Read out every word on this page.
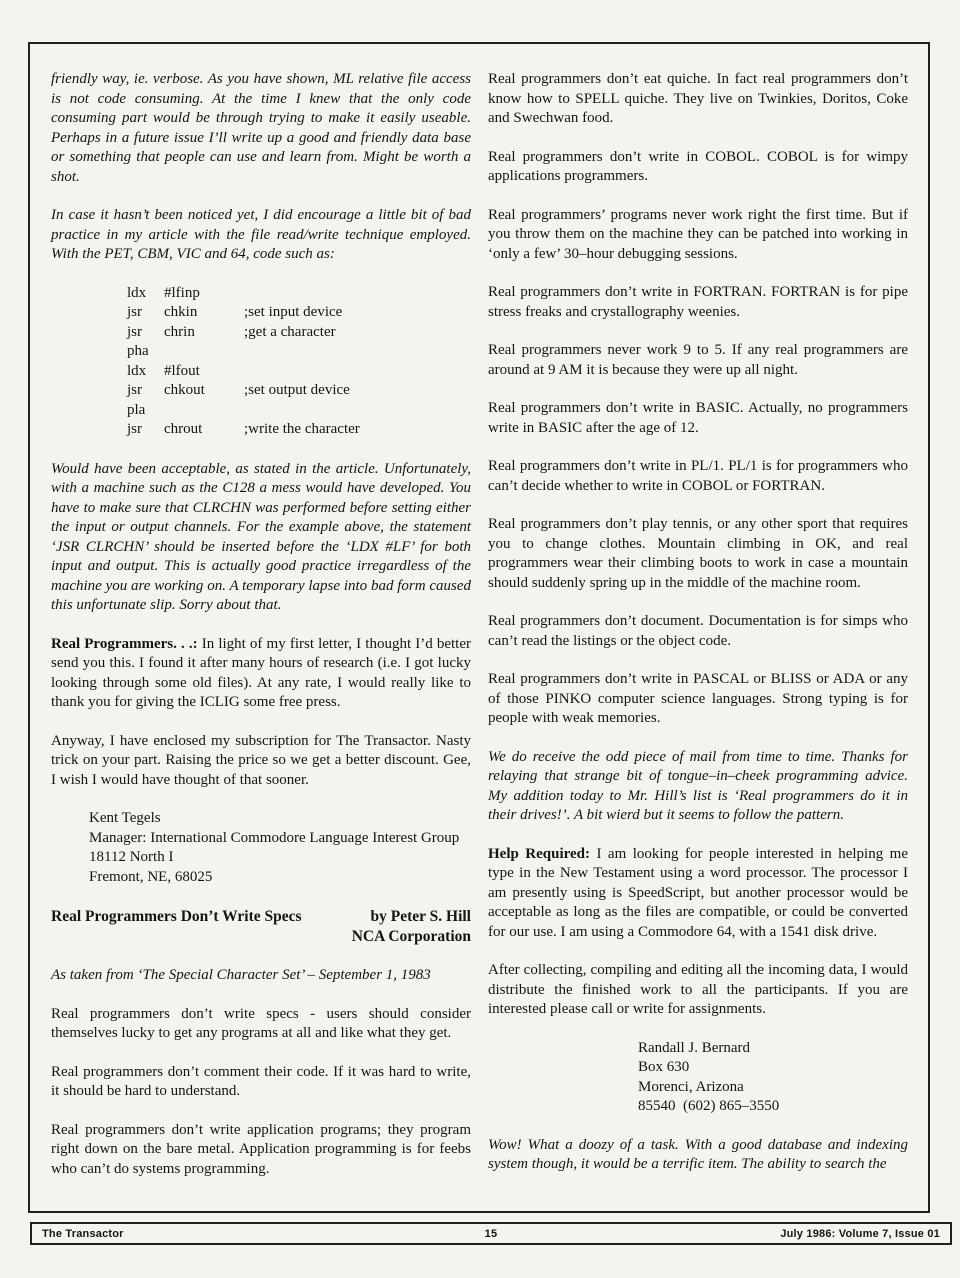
friendly way, ie. verbose. As you have shown, ML relative file access is not code consuming. At the time I knew that the only code consuming part would be through trying to make it easily useable. Perhaps in a future issue I’ll write up a good and friendly data base or something that people can use and learn from. Might be worth a shot.

In case it hasn’t been noticed yet, I did encourage a little bit of bad practice in my article with the file read/write technique employed. With the PET, CBM, VIC and 64, code such as:

ldx #lfinp
jsr chkin	;set input device
jsr chrin	;get a character
pha
ldx #lfout
jsr chkout	;set output device
pla
jsr chrout	;write the character

Would have been acceptable, as stated in the article. Unfortunately, with a machine such as the C128 a mess would have developed. You have to make sure that CLRCHN was performed before setting either the input or output channels. For the example above, the statement ‘JSR CLRCHN’ should be inserted before the ‘LDX #LF’ for both input and output. This is actually good practice irregardless of the machine you are working on. A temporary lapse into bad form caused this unfortunate slip. Sorry about that.

Real Programmers. . .: In light of my first letter, I thought I’d better send you this. I found it after many hours of research (i.e. I got lucky looking through some old files). At any rate, I would really like to thank you for giving the ICLIG some free press.

Anyway, I have enclosed my subscription for The Transactor. Nasty trick on your part. Raising the price so we get a better discount. Gee, I wish I would have thought of that sooner.

Kent Tegels
Manager: International Commodore Language Interest Group
18112 North I
Fremont, NE, 68025
Real Programmers Don’t Write Specs	by Peter S. Hill
NCA Corporation

As taken from ‘The Special Character Set’ – September 1, 1983

Real programmers don’t write specs - users should consider themselves lucky to get any programs at all and like what they get.

Real programmers don’t comment their code. If it was hard to write, it should be hard to understand.

Real programmers don’t write application programs; they program right down on the bare metal. Application programming is for feebs who can’t do systems programming.

Real programmers don’t eat quiche. In fact real programmers don’t know how to SPELL quiche. They live on Twinkies, Doritos, Coke and Swechwan food.

Real programmers don’t write in COBOL. COBOL is for wimpy applications programmers.

Real programmers’ programs never work right the first time. But if you throw them on the machine they can be patched into working in ‘only a few’ 30–hour debugging sessions.

Real programmers don’t write in FORTRAN. FORTRAN is for pipe stress freaks and crystallography weenies.

Real programmers never work 9 to 5. If any real programmers are around at 9 AM it is because they were up all night.

Real programmers don’t write in BASIC. Actually, no programmers write in BASIC after the age of 12.

Real programmers don’t write in PL/1. PL/1 is for programmers who can’t decide whether to write in COBOL or FORTRAN.

Real programmers don’t play tennis, or any other sport that requires you to change clothes. Mountain climbing in OK, and real programmers wear their climbing boots to work in case a mountain should suddenly spring up in the middle of the machine room.

Real programmers don’t document. Documentation is for simps who can’t read the listings or the object code.

Real programmers don’t write in PASCAL or BLISS or ADA or any of those PINKO computer science languages. Strong typing is for people with weak memories.

We do receive the odd piece of mail from time to time. Thanks for relaying that strange bit of tongue–in–cheek programming advice. My addition today to Mr. Hill’s list is ‘Real programmers do it in their drives!’. A bit wierd but it seems to follow the pattern.

Help Required: I am looking for people interested in helping me type in the New Testament using a word processor. The processor I am presently using is SpeedScript, but another processor would be acceptable as long as the files are compatible, or could be converted for our use. I am using a Commodore 64, with a 1541 disk drive.

After collecting, compiling and editing all the incoming data, I would distribute the finished work to all the participants. If you are interested please call or write for assignments.

Randall J. Bernard
Box 630
Morenci, Arizona
85540  (602) 865–3550

Wow! What a doozy of a task. With a good database and indexing system though, it would be a terrific item. The ability to search the

The Transactor	15	July 1986: Volume 7, Issue 01
